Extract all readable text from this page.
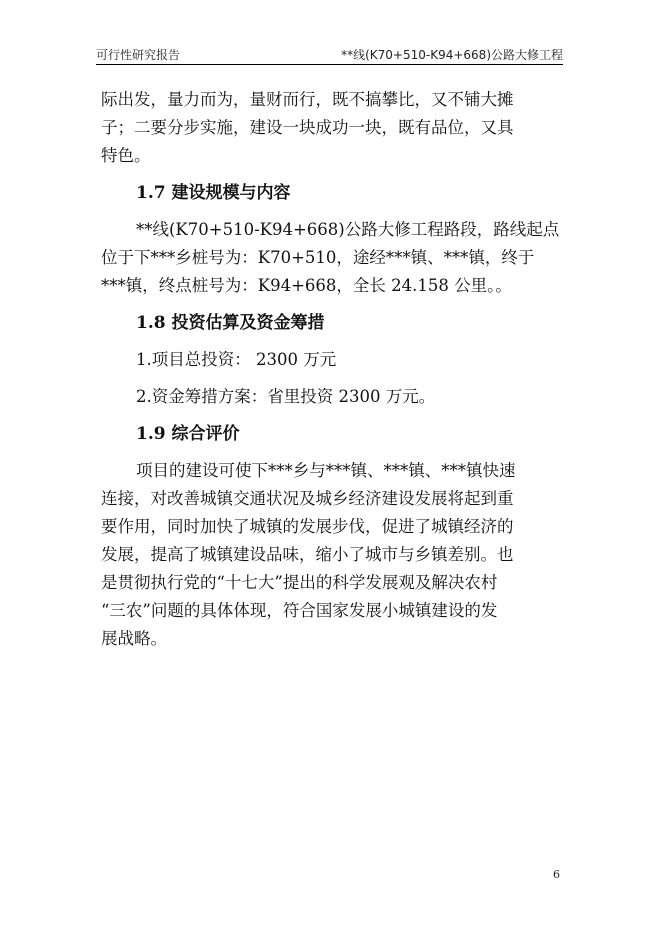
可行性研究报告	**线(K70+510-K94+668)公路大修工程

际出发，量力而为，量财而行，既不搞攀比，又不铺大摊

子；二要分步实施，建设一块成功一块，既有品位，又具

特色。

1.7 建设规模与内容

**线(K70+510-K94+668)公路大修工程路段，路线起点

位于下***乡桩号为：K70+510，途经***镇、***镇，终于

***镇，终点桩号为：K94+668，全长 24.158 公里。。

1.8 投资估算及资金筹措

1.项目总投资： 2300 万元

2.资金筹措方案：省里投资 2300 万元。

1.9 综合评价

项目的建设可使下***乡与***镇、***镇、***镇快速

连接，对改善城镇交通状况及城乡经济建设发展将起到重

要作用，同时加快了城镇的发展步伐，促进了城镇经济的

发展，提高了城镇建设品味，缩小了城市与乡镇差别。也

是贯彻执行党的“十七大”提出的科学发展观及解决农村

“三农”问题的具体体现，符合国家发展小城镇建设的发

展战略。

6
